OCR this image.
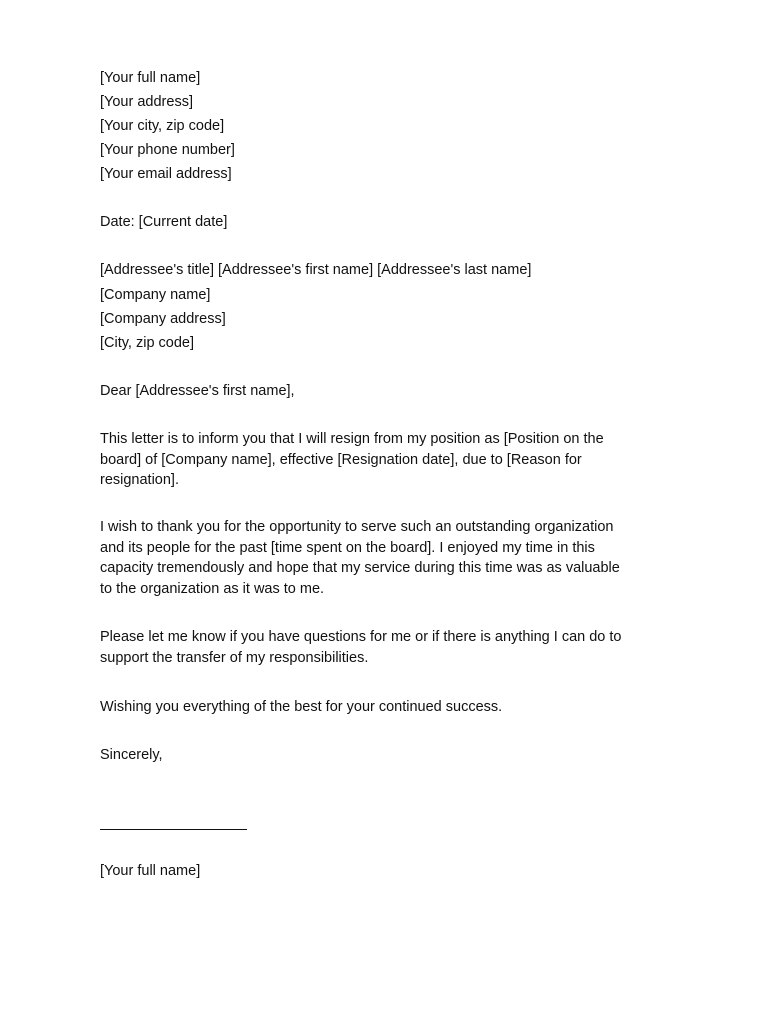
[Your full name]
[Your address]
[Your city, zip code]
[Your phone number]
[Your email address]
Date: [Current date]
[Addressee's title] [Addressee's first name] [Addressee's last name]
[Company name]
[Company address]
[City, zip code]
Dear [Addressee's first name],
This letter is to inform you that I will resign from my position as [Position on the
board] of [Company name], effective [Resignation date], due to [Reason for
resignation].
I wish to thank you for the opportunity to serve such an outstanding organization
and its people for the past [time spent on the board]. I enjoyed my time in this
capacity tremendously and hope that my service during this time was as valuable
to the organization as it was to me.
Please let me know if you have questions for me or if there is anything I can do to
support the transfer of my responsibilities.
Wishing you everything of the best for your continued success.
Sincerely,
[Your full name]
